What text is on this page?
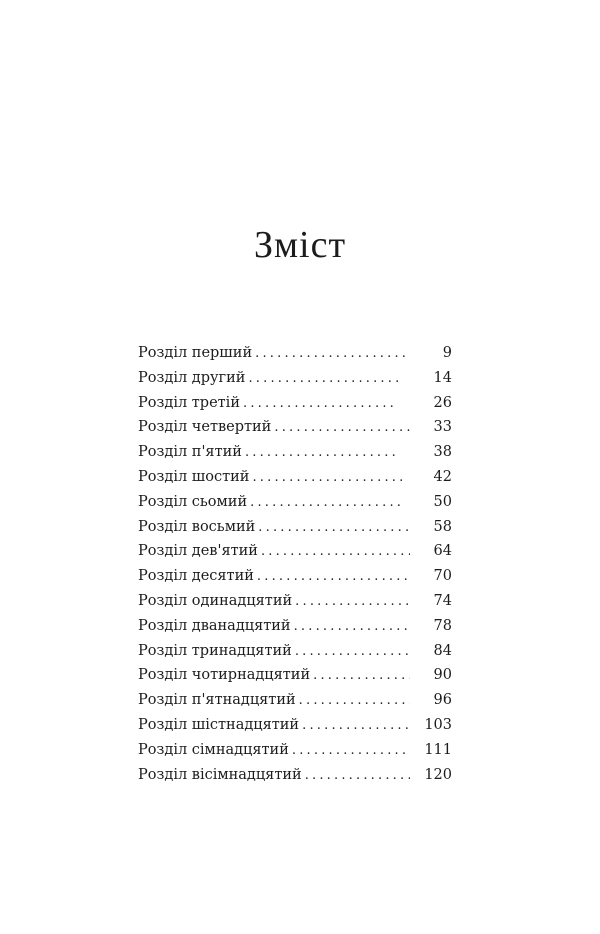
Зміст
Розділ перший .....	9
Розділ другий .....	14
Розділ третій .....	26
Розділ четвертий .....	33
Розділ п'ятий .....	38
Розділ шостий .....	42
Розділ сьомий .....	50
Розділ восьмий .....	58
Розділ дев'ятий .....	64
Розділ десятий .....	70
Розділ одинадцятий .....	74
Розділ дванадцятий .....	78
Розділ тринадцятий .....	84
Розділ чотирнадцятий .....	90
Розділ п'ятнадцятий .....	96
Розділ шістнадцятий .....	103
Розділ сімнадцятий .....	111
Розділ вісімнадцятий .....	120
